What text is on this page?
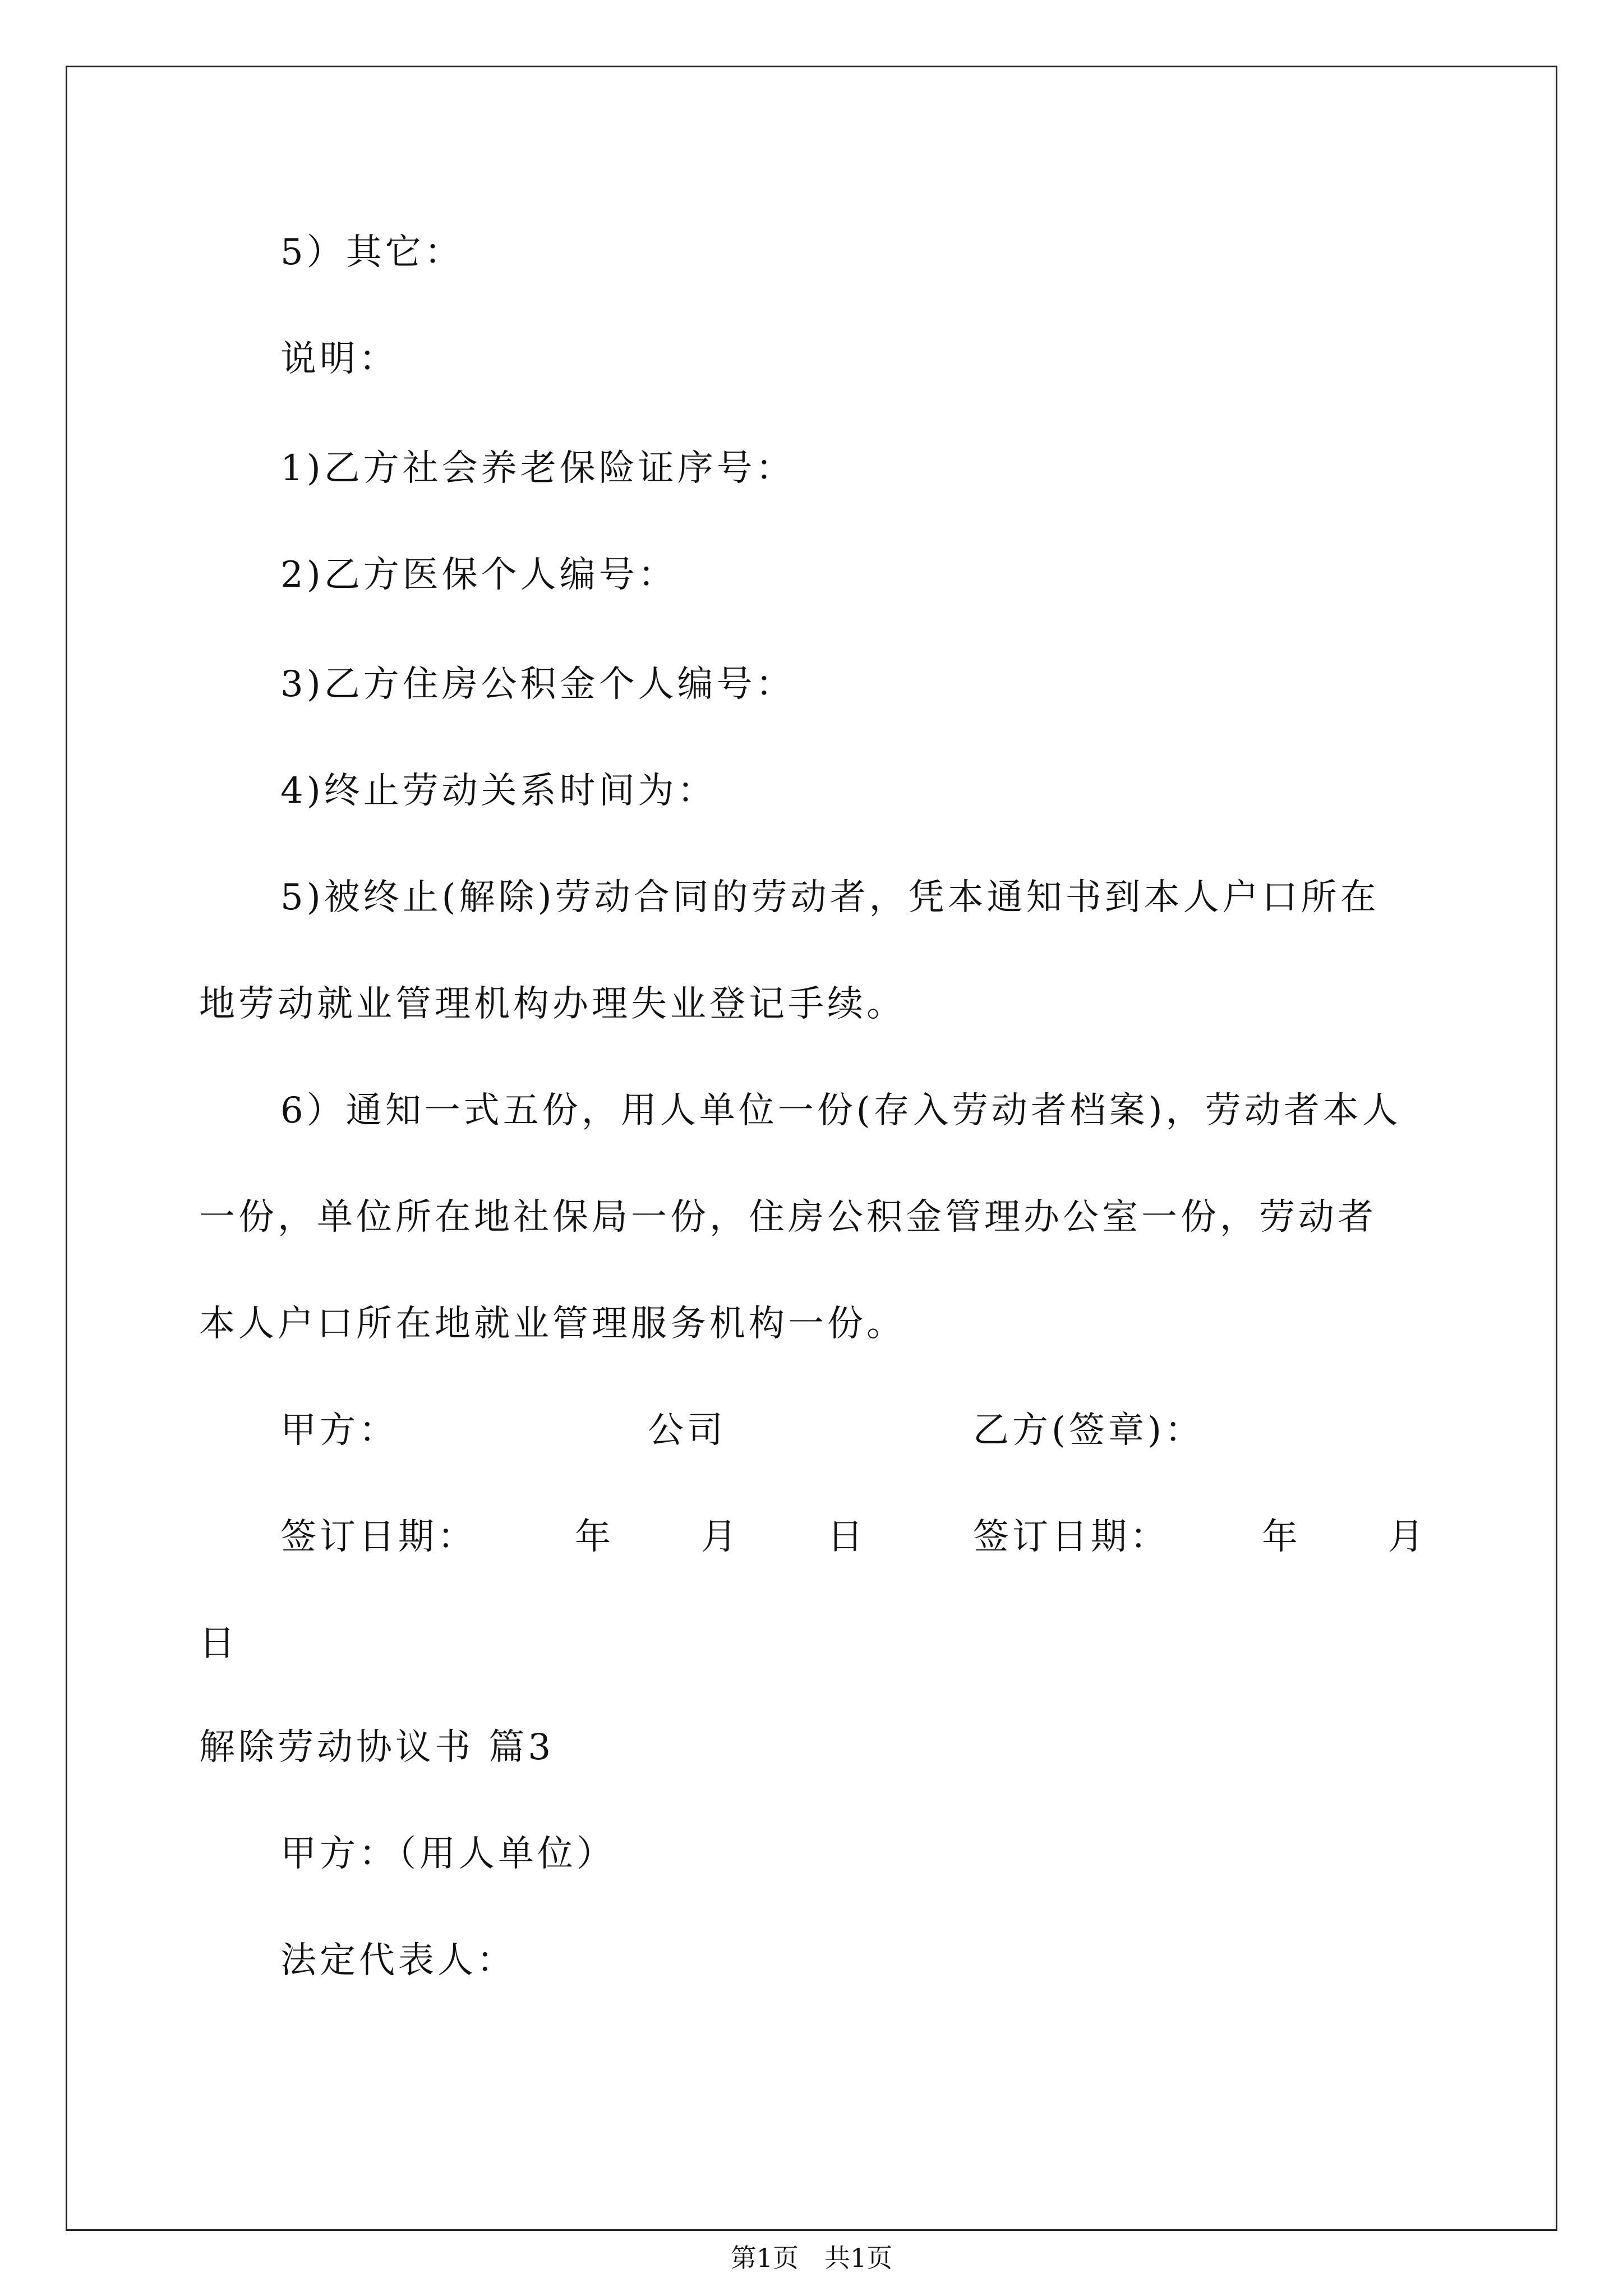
5）其它：
说明：
1)乙方社会养老保险证序号：
2)乙方医保个人编号：
3)乙方住房公积金个人编号：
4)终止劳动关系时间为：
5)被终止(解除)劳动合同的劳动者，凭本通知书到本人户口所在
地劳动就业管理机构办理失业登记手续。
6）通知一式五份，用人单位一份(存入劳动者档案)，劳动者本人
一份，单位所在地社保局一份，住房公积金管理办公室一份，劳动者
本人户口所在地就业管理服务机构一份。
甲方：	公司	乙方(签章)：
签订日期：	年 月 日	签订日期：	年 月
日
解除劳动协议书 篇3
甲方：（用人单位）
法定代表人：
第1页　共1页
